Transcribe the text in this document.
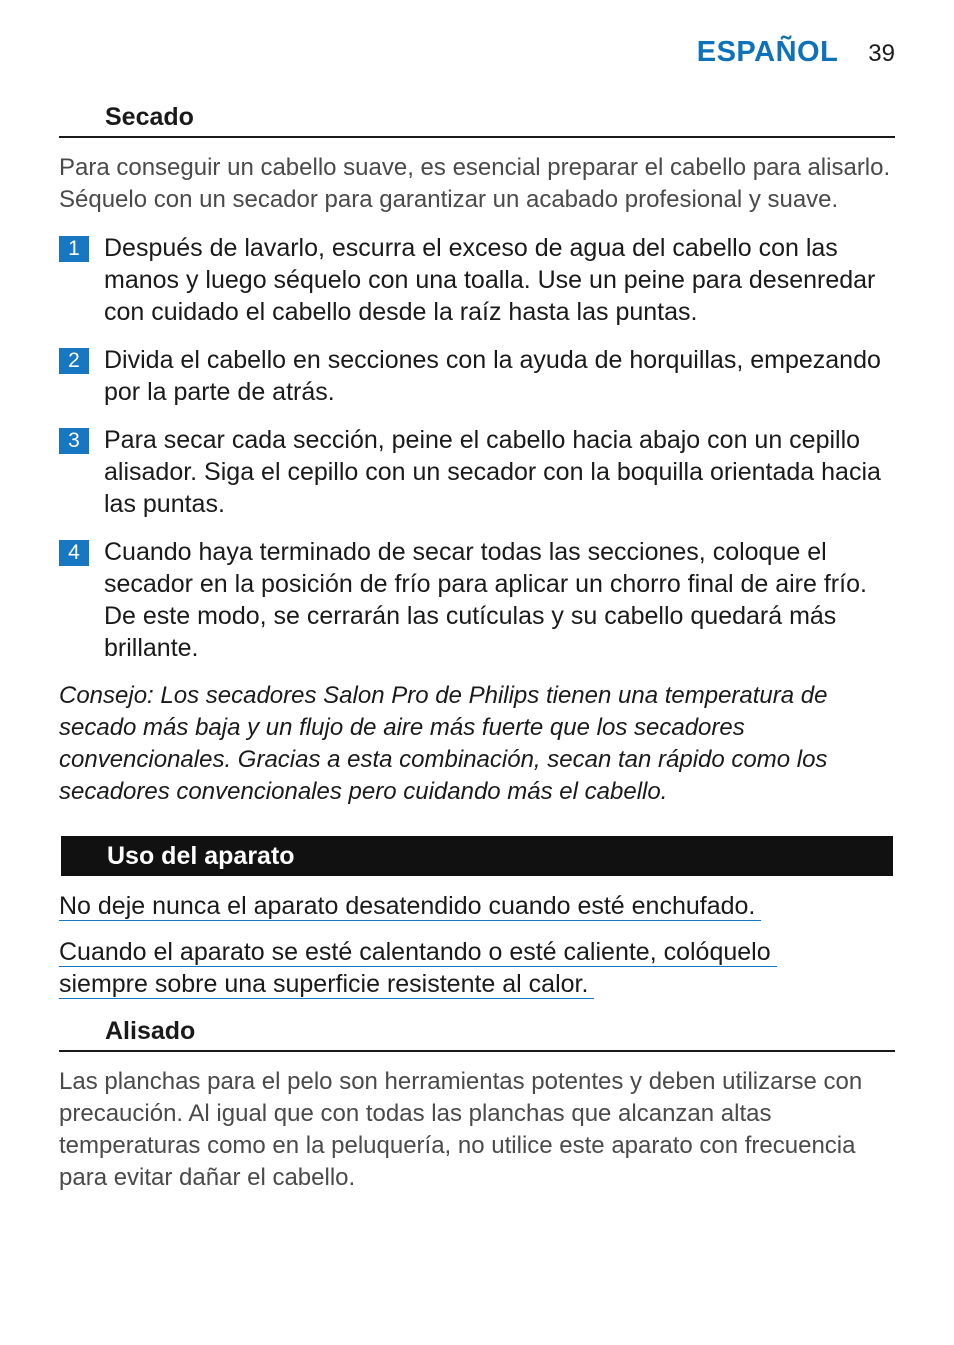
ESPAÑOL 39
Secado

Para conseguir un cabello suave, es esencial preparar el cabello para alisarlo. Séquelo con un secador para garantizar un acabado profesional y suave.

1 Después de lavarlo, escurra el exceso de agua del cabello con las manos y luego séquelo con una toalla. Use un peine para desenredar con cuidado el cabello desde la raíz hasta las puntas.
2 Divida el cabello en secciones con la ayuda de horquillas, empezando por la parte de atrás.
3 Para secar cada sección, peine el cabello hacia abajo con un cepillo alisador. Siga el cepillo con un secador con la boquilla orientada hacia las puntas.
4 Cuando haya terminado de secar todas las secciones, coloque el secador en la posición de frío para aplicar un chorro final de aire frío. De este modo, se cerrarán las cutículas y su cabello quedará más brillante.

Consejo: Los secadores Salon Pro de Philips tienen una temperatura de secado más baja y un flujo de aire más fuerte que los secadores convencionales. Gracias a esta combinación, secan tan rápido como los secadores convencionales pero cuidando más el cabello.

Uso del aparato

No deje nunca el aparato desatendido cuando esté enchufado.

Cuando el aparato se esté calentando o esté caliente, colóquelo
siempre sobre una superficie resistente al calor.

Alisado

Las planchas para el pelo son herramientas potentes y deben utilizarse con precaución. Al igual que con todas las planchas que alcanzan altas temperaturas como en la peluquería, no utilice este aparato con frecuencia para evitar dañar el cabello.
